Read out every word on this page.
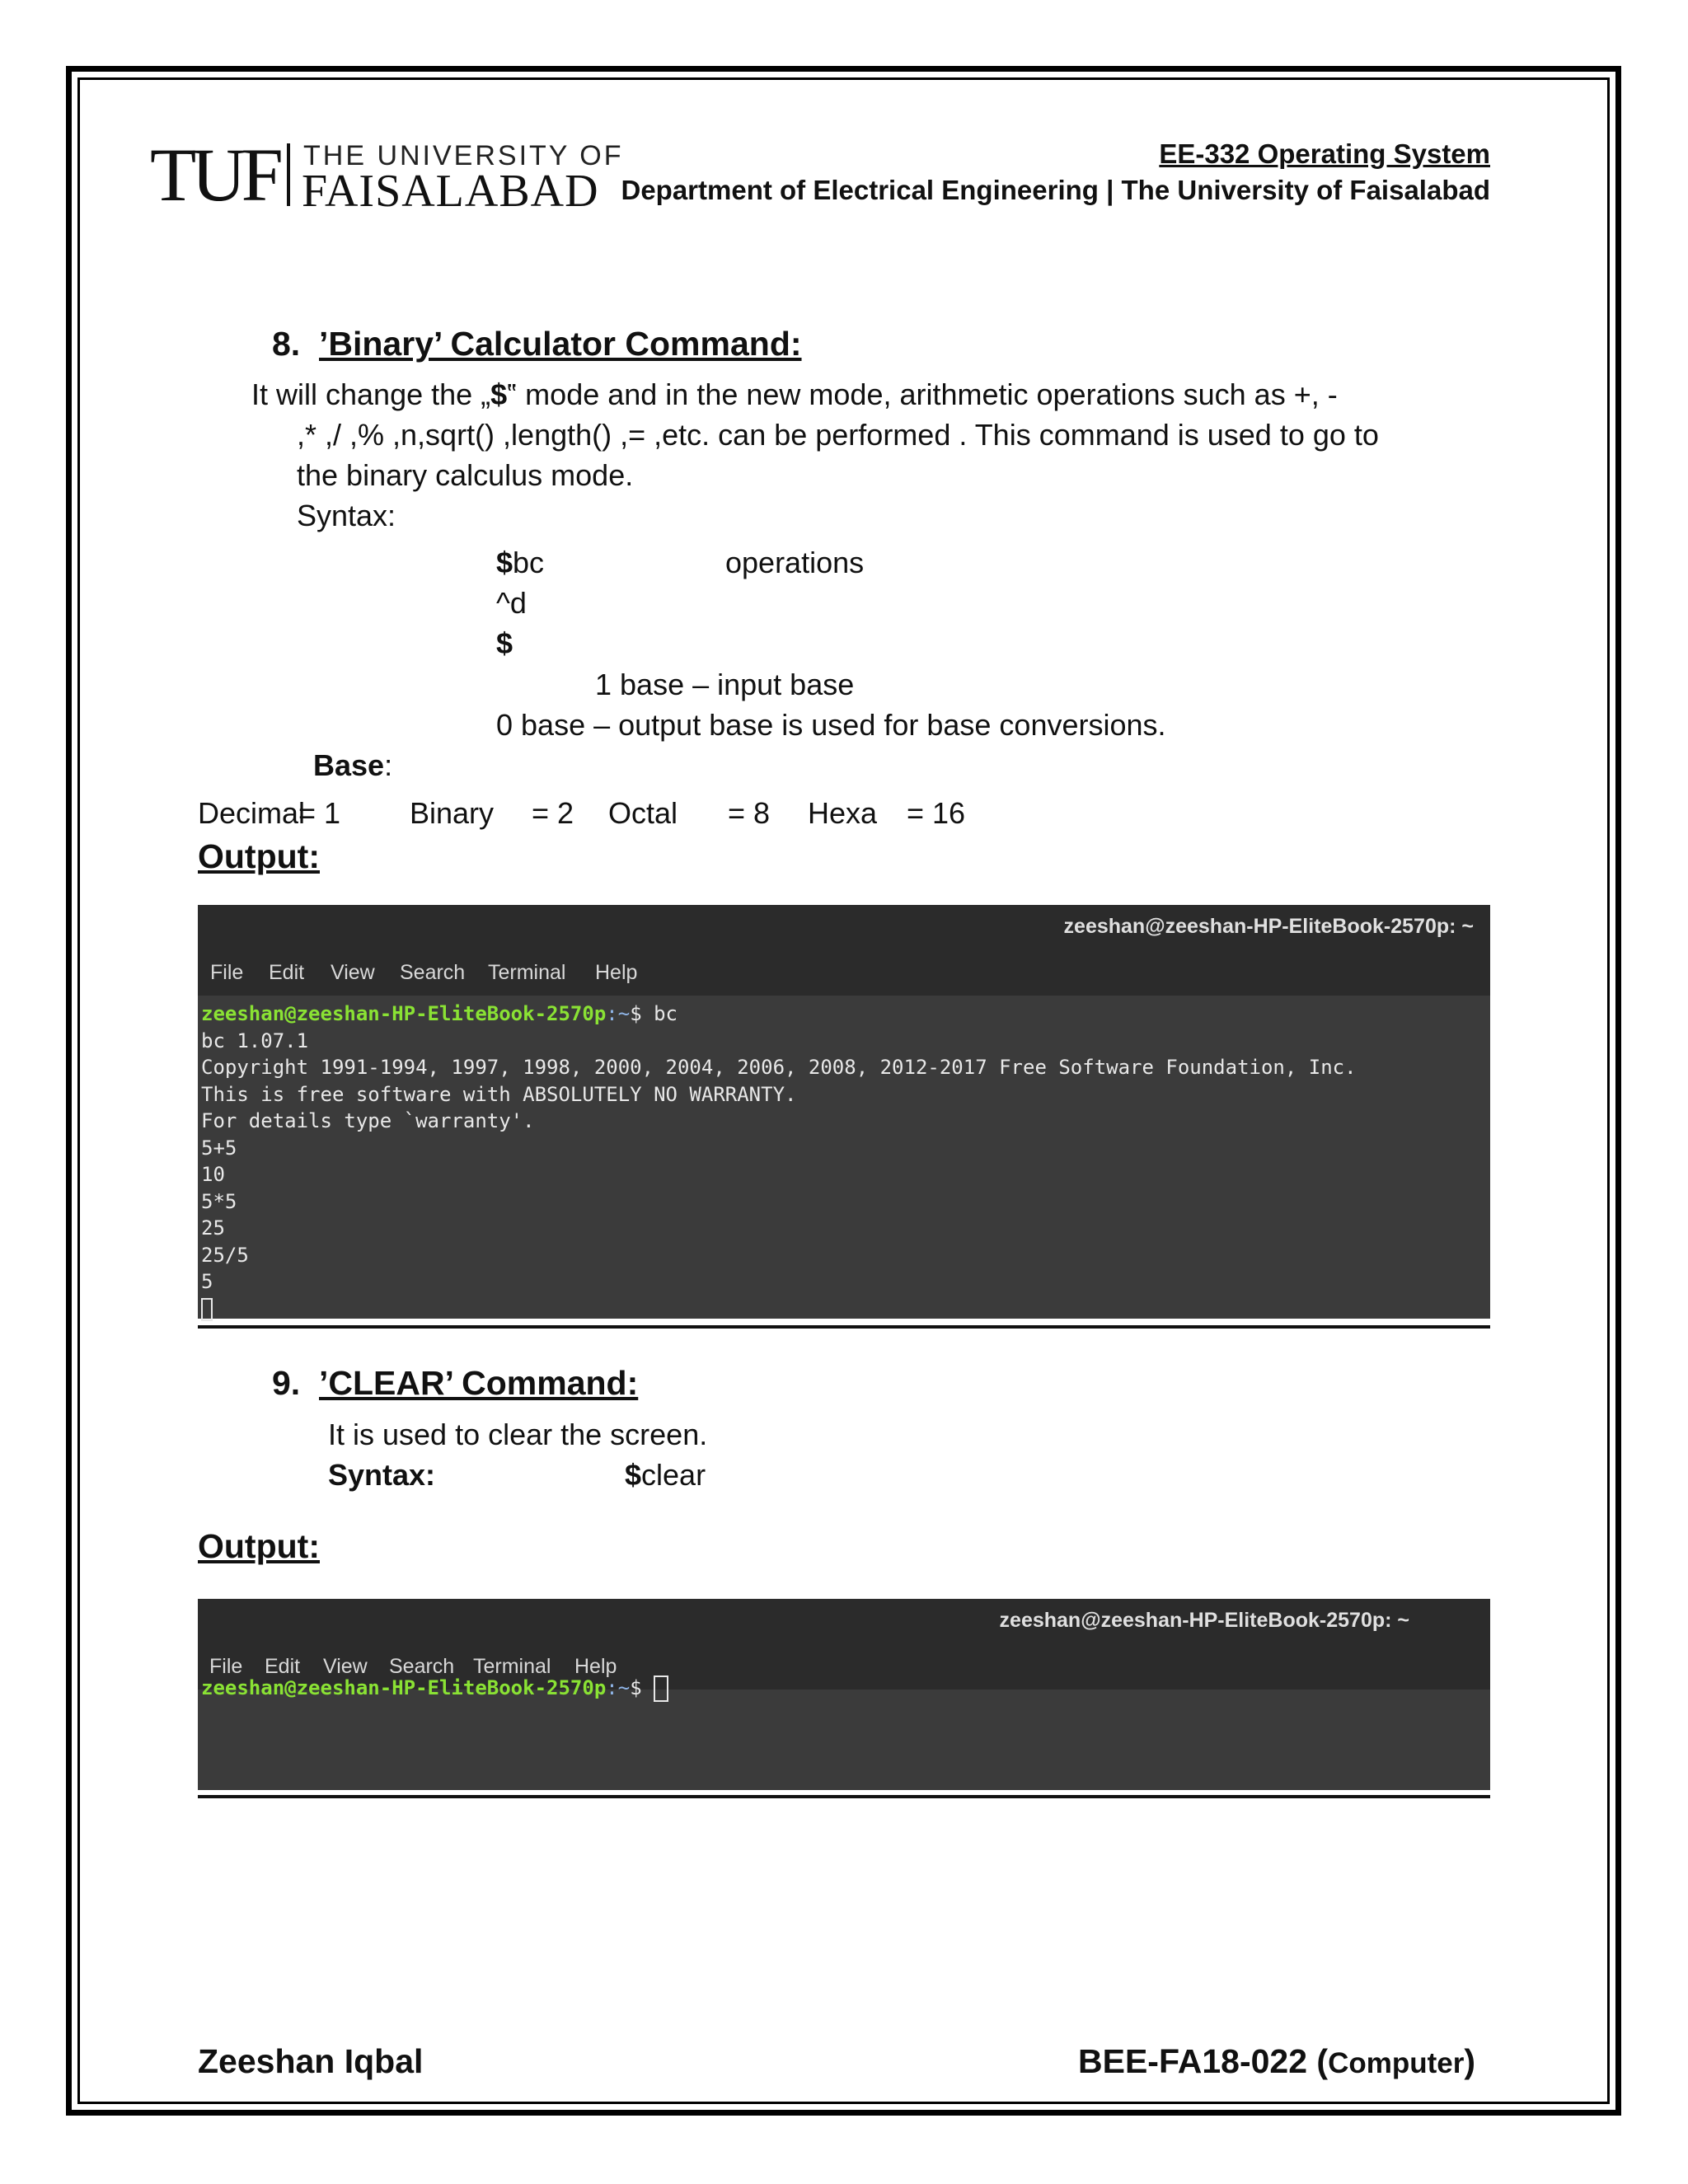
TUF THE UNIVERSITY OF
FAISALABAD
EE-332 Operating System
Department of Electrical Engineering | The University of Faisalabad
8. ’Binary’ Calculator Command:
It will change the „$‟ mode and in the new mode, arithmetic operations such as +, -
,* ,/ ,% ,n,sqrt() ,length() ,= ,etc. can be performed . This command is used to go to
the binary calculus mode.
Syntax:
$bc	operations
^d
$
1 base – input base
0 base – output base is used for base conversions.
Base:
Decimal
= 1 Binary = 2 Octal = 8 Hexa = 16
Output:
zeeshan@zeeshan-HP-EliteBook-2570p: ~
File Edit View Search Terminal Help
zeeshan@zeeshan-HP-EliteBook-2570p:~$ bc
bc 1.07.1
Copyright 1991-1994, 1997, 1998, 2000, 2004, 2006, 2008, 2012-2017 Free Software Foundation, Inc.
This is free software with ABSOLUTELY NO WARRANTY.
For details type `warranty'.
5+5
10
5*5
25
25/5
5

9. ’CLEAR’ Command:
It is used to clear the screen.
Syntax:	$clear
Output:
zeeshan@zeeshan-HP-EliteBook-2570p: ~
File Edit View Search Terminal Help
zeeshan@zeeshan-HP-EliteBook-2570p:~$
Zeeshan Iqbal	BEE-FA18-022 (Computer)
